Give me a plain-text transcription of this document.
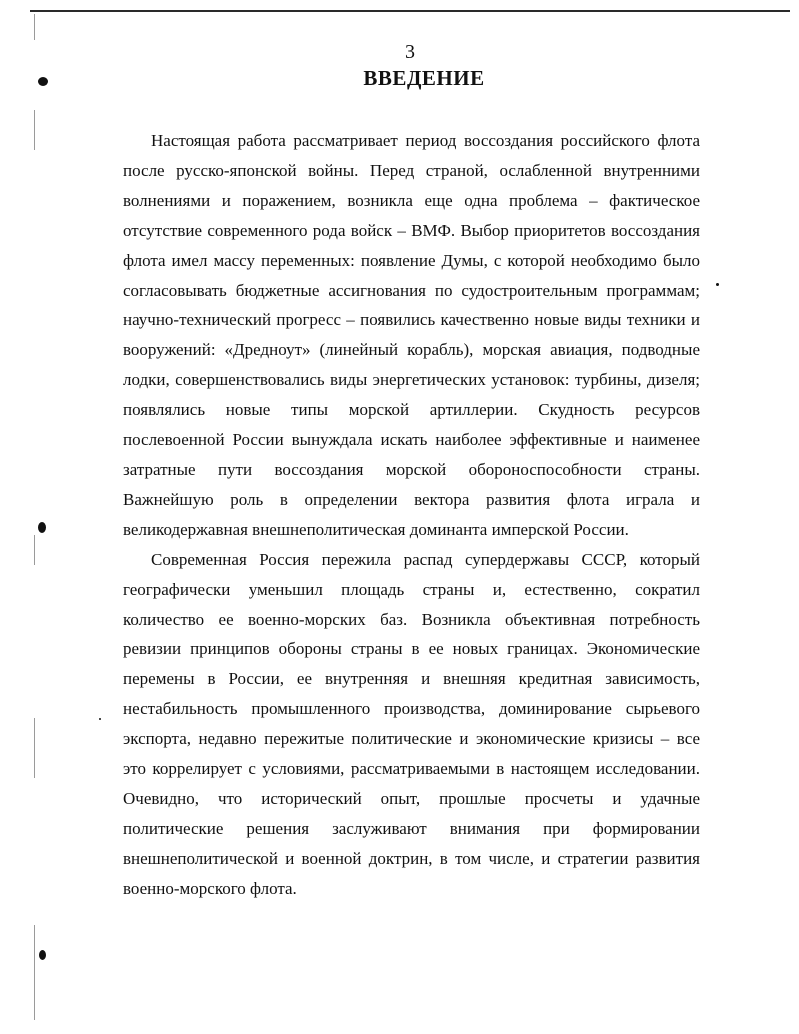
3
ВВЕДЕНИЕ

Настоящая работа рассматривает период воссоздания российского флота после русско-японской войны. Перед страной, ослабленной внутренними волнениями и поражением, возникла еще одна проблема – фактическое отсутствие современного рода войск – ВМФ. Выбор приоритетов воссоздания флота имел массу переменных: появление Думы, с которой необходимо было согласовывать бюджетные ассигнования по судостроительным программам; научно-технический прогресс – появились качественно новые виды техники и вооружений: «Дредноут» (линейный корабль), морская авиация, подводные лодки, совершенствовались виды энергетических установок: турбины, дизеля; появлялись новые типы морской артиллерии. Скудность ресурсов послевоенной России вынуждала искать наиболее эффективные и наименее затратные пути воссоздания морской обороноспособности страны. Важнейшую роль в определении вектора развития флота играла и великодержавная внешнеполитическая доминанта имперской России.

Современная Россия пережила распад супердержавы СССР, который географически уменьшил площадь страны и, естественно, сократил количество ее военно-морских баз. Возникла объективная потребность ревизии принципов обороны страны в ее новых границах. Экономические перемены в России, ее внутренняя и внешняя кредитная зависимость, нестабильность промышленного производства, доминирование сырьевого экспорта, недавно пережитые политические и экономические кризисы – все это коррелирует с условиями, рассматриваемыми в настоящем исследовании. Очевидно, что исторический опыт, прошлые просчеты и удачные политические решения заслуживают внимания при формировании внешнеполитической и военной доктрин, в том числе, и стратегии развития военно-морского флота.
